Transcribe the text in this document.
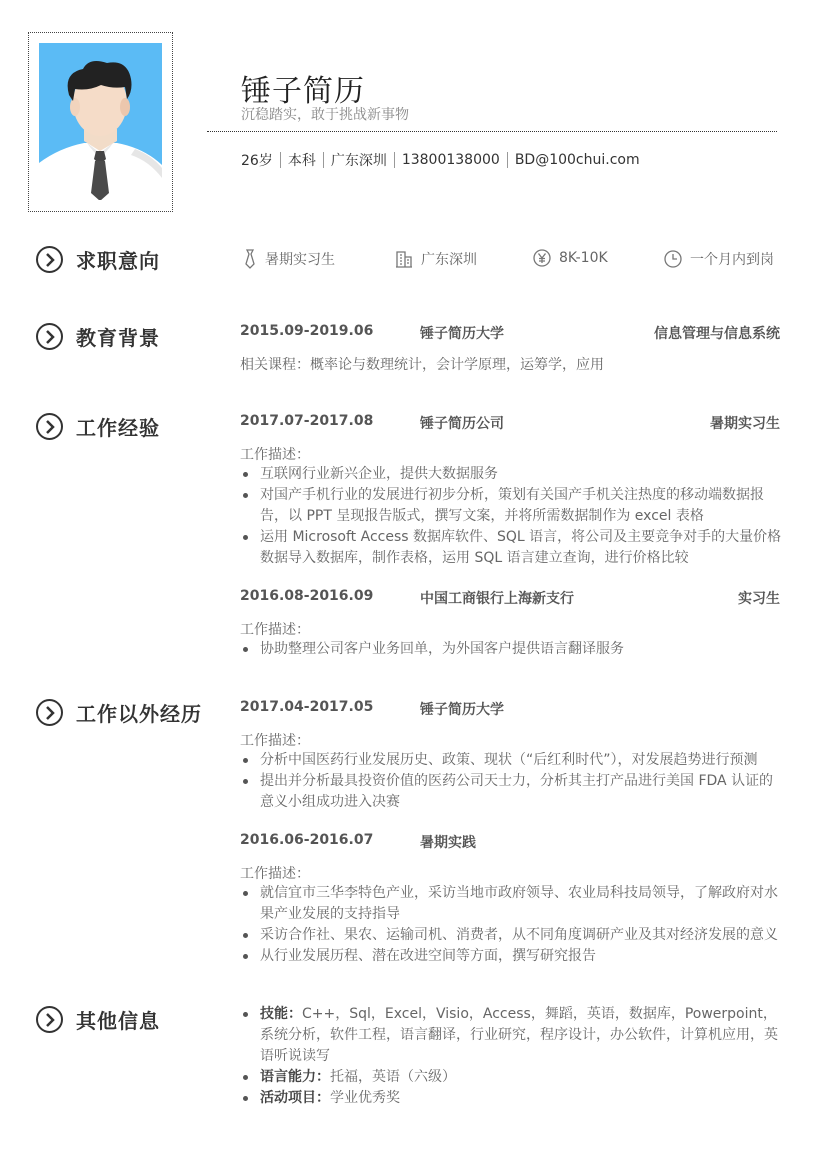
锤子简历
沉稳踏实，敢于挑战新事物
26岁 本科 广东深圳 13800138000 BD@100chui.com
求职意向	暑期实习生	广东深圳	8K-10K	一个月内到岗
教育背景	2015.09-2019.06	锤子简历大学	信息管理与信息系统
相关课程：概率论与数理统计，会计学原理，运筹学，应用
工作经验	2017.07-2017.08	锤子简历公司	暑期实习生
工作描述：
互联网行业新兴企业，提供大数据服务
对国产手机行业的发展进行初步分析，策划有关国产手机关注热度的移动端数据报告，以 PPT 呈现报告版式，撰写文案，并将所需数据制作为 excel 表格
运用 Microsoft Access 数据库软件、SQL 语言，将公司及主要竞争对手的大量价格数据导入数据库，制作表格，运用 SQL 语言建立查询，进行价格比较
2016.08-2016.09	中国工商银行上海新支行	实习生
工作描述：
协助整理公司客户业务回单，为外国客户提供语言翻译服务
工作以外经历	2017.04-2017.05	锤子简历大学
工作描述：
分析中国医药行业发展历史、政策、现状（“后红利时代”），对发展趋势进行预测
提出并分析最具投资价值的医药公司天士力，分析其主打产品进行美国 FDA 认证的意义小组成功进入决赛
2016.06-2016.07	暑期实践
工作描述：
就信宜市三华李特色产业，采访当地市政府领导、农业局科技局领导，了解政府对水果产业发展的支持指导
采访合作社、果农、运输司机、消费者，从不同角度调研产业及其对经济发展的意义
从行业发展历程、潜在改进空间等方面，撰写研究报告
其他信息	技能：C++，Sql，Excel，Visio，Access，舞蹈，英语，数据库，Powerpoint，系统分析，软件工程，语言翻译，行业研究，程序设计，办公软件，计算机应用，英语听说读写
语言能力：托福，英语（六级）
活动项目：学业优秀奖
